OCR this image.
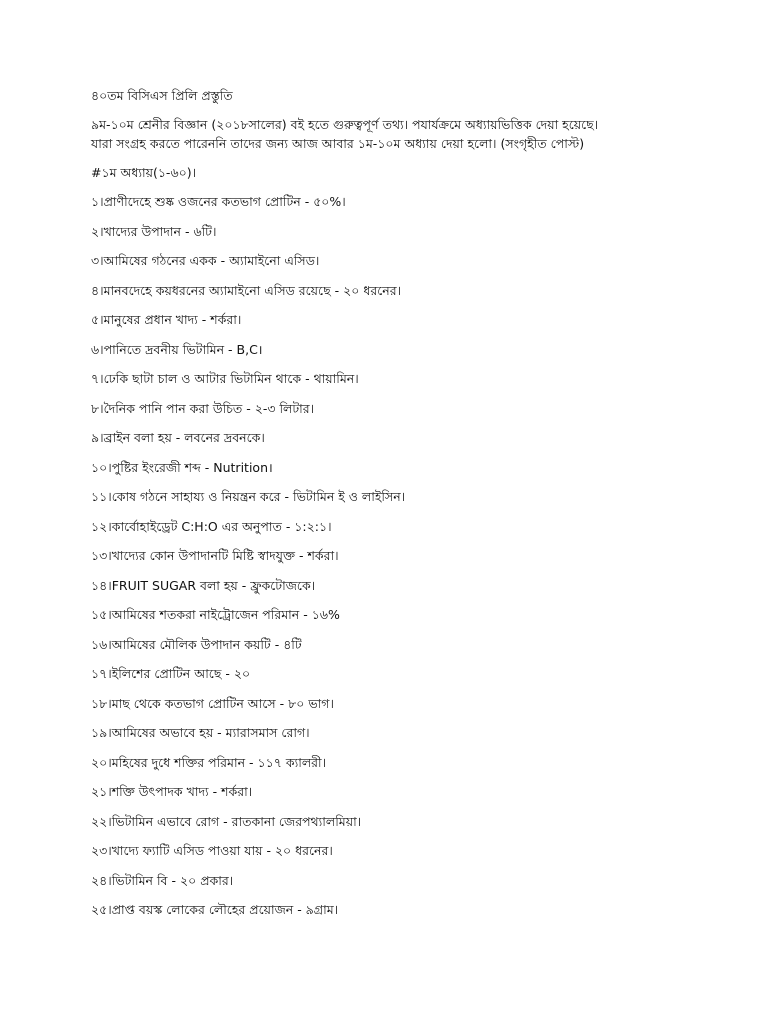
৪০তম বিসিএস প্রিলি প্রস্তুতি

৯ম-১০ম শ্রেনীর বিজ্ঞান (২০১৮সালের) বই হতে গুরুত্বপূর্ণ তথ্য। পযার্যক্রমে অধ্যায়ভিত্তিক দেয়া হয়েছে।

যারা সংগ্রহ করতে পারেননি তাদের জন্য আজ আবার ১ম-১০ম অধ্যায় দেয়া হলো। (সংগৃহীত পোস্ট)

#১ম অধ্যায়(১-৬০)।

১।প্রাণীদেহে শুষ্ক ওজনের কতভাগ প্রোটিন - ৫০%।

২।খাদ্যের উপাদান - ৬টি।

৩।আমিষের গঠনের একক - অ্যামাইনো এসিড।

৪।মানবদেহে কয়ধরনের অ্যামাইনো এসিড রয়েছে - ২০ ধরনের।

৫।মানুষের প্রধান খাদ্য - শর্করা।

৬।পানিতে দ্রবনীয় ভিটামিন - B,C।

৭।ঢেকি ছাটা চাল ও আটার ভিটামিন থাকে - থায়ামিন।

৮।দৈনিক পানি পান করা উচিত - ২-৩ লিটার।

৯।ব্রাইন বলা হয় - লবনের দ্রবনকে।

১০।পুষ্টির ইংরেজী শব্দ - Nutrition।

১১।কোষ গঠনে সাহায্য ও নিয়ন্ত্রন করে - ভিটামিন ই ও লাইসিন।

১২।কার্বোহাইড্রেট C:H:O এর অনুপাত - ১:২:১।

১৩।খাদ্যের কোন উপাদানটি মিষ্টি স্বাদযুক্ত - শর্করা।

১৪।FRUIT SUGAR বলা হয় - ফ্রুকটোজকে।

১৫।আমিষের শতকরা নাইট্রোজেন পরিমান - ১৬%

১৬।আমিষের মৌলিক উপাদান কয়টি - ৪টি

১৭।ইলিশের প্রোটিন আছে - ২০

১৮।মাছ থেকে কতভাগ প্রোটিন আসে - ৮০ ভাগ।

১৯।আমিষের অভাবে হয় - ম্যারাসমাস রোগ।

২০।মহিষের দুধে শক্তির পরিমান - ১১৭ ক্যালরী।

২১।শক্তি উৎপাদক খাদ্য - শর্করা।

২২।ভিটামিন এভাবে রোগ - রাতকানা জেরপথ্যালমিয়া।

২৩।খাদ্যে ফ্যাটি এসিড পাওয়া যায় - ২০ ধরনের।

২৪।ভিটামিন বি - ২০ প্রকার।

২৫।প্রাপ্ত বয়স্ক লোকের লৌহের প্রয়োজন - ৯গ্রাম।
